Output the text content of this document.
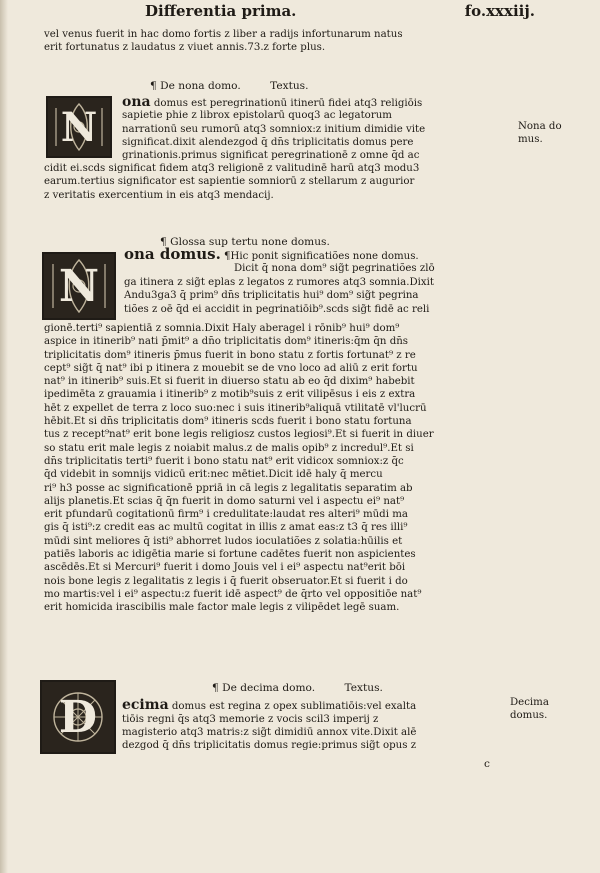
Differentia prima.	fo.xxxiij.
vel venus fuerit in hac domo fortis z liber a radijs infortunarum natus
erit fortunatus z laudatus z viuet annis.73.z forte plus.
¶ De nona domo.	Textus.
N
ona domus est peregrinationū itinerū fidei atq3 religiōis
sapietie phie z librox epistolarū quoq3 ac legatorum
narrationū seu rumorū atq3 somniox:z initium dimidie vite
significat.dixit alendezgod q̄ dn̄s triplicitatis domus pere
grinationis.primus significat peregrinationē z omne q̄d ac
cidit ei.scd̄s significat fidem atq3 religionē z valitudinē harū atq3 modu3
earum.tertius significator est sapientie somniorū z stellarum z augurior
z veritatis exercentium in eis atq3 mendacij.
Nona do
mus.
¶ Glossa sup tertu none domus.
N
ona domus. ¶Hic ponit significatiões none domus.
Dicit q̄ nona dom⁹ sig̃t pegrinatiões zlō
ga itinera z sig̃t epl̄as z legatos z rumores atq3 somnia.Dixit
Andu3ga3 q̄ prim⁹ dn̄s triplicitatis hui⁹ dom⁹ sig̃t pegrina
tiões z oē q̄d ei accidit in pegrinatiōib⁹.scd̄s sig̃t fidē ac reli
gionē.terti⁹ sapientiā z somnia.Dixit Haly aberagel i rōnib⁹ hui⁹ dom⁹
aspice in itinerib⁹ nati p̄mit⁹ a dn̄o triplicitatis dom⁹ itineris:q̄m q̄n dn̄s
triplicitatis dom⁹ itineris p̄mus fuerit in bono statu z fortis fortunat⁹ z re
cept⁹ sig̃t q̄ nat⁹ ibi p itinera z mouebit se de vno loco ad aliū z erit fortu
nat⁹ in itinerib⁹ suis.Et si fuerit in diuerso statu ab eo q̄d dixim⁹ habebit
ipedimēta z grauamia i itinerib⁹ z motib⁹suis z erit vilipēsus i eis z extra
hēt z expellet de terra z loco suo:nec i suis itinerib⁹aliquā vtilitatē vl'lucrū
hēbit.Et si dn̄s triplicitatis dom⁹ itineris scd̄s fuerit i bono statu fortuna
tus z recept⁹nat⁹ erit bone legis religiosz custos legiosi⁹.Et si fuerit in diuer
so statu erit male legis z noiabit malus.z de malis opib⁹ z incredul⁹.Et si
dn̄s triplicitatis terti⁹ fuerit i bono statu nat⁹ erit vidicox somniox:z q̄c
q̄d videbit in somnijs vidicū erit:nec mētiet.Dicit idē haly q̄ mercu
ri⁹ h3 posse ac significationē ppriā in cā legis z legalitatis separatim ab
alijs planetis.Et scias q̄ q̄n fuerit in domo saturni vel i aspectu ei⁹ nat⁹
erit pfundarū cogitationū firm⁹ i credulitate:laudat res alteri⁹ mūdi ma
gis q̄ isti⁹:z credit eas ac multū cogitat in illis z amat eas:z t3 q̄ res illi⁹
mūdi sint meliores q̄ isti⁹ abhorret ludos ioculatiões z solatia:hūilis et
patiēs laboris ac idigētia marie si fortune cadētes fuerit non aspicientes
ascēdēs.Et si Mercuri⁹ fuerit i domo Jouis vel i ei⁹ aspectu nat⁹erit bōi
nois bone legis z legalitatis z legis i q̄ fuerit obseruator.Et si fuerit i do
mo martis:vel i ei⁹ aspectu:z fuerit idē aspect⁹ de q̄rto vel oppositiōe nat⁹
erit homicida irascibilis male factor male legis z vilipēdet legē suam.
¶ De decima domo.	Textus.
D	ecima domus est regina z opex sublimatiōis:vel exalta
tiōis regni q̄s atq3 memorie z vocis scil3 imperij z
magisterio atq3 matris:z sig̃t dimidiū annox vite.Dixit alē
dezgod q̄ dn̄s triplicitatis domus regie:primus sig̃t opus z
Decima
domus.
c
